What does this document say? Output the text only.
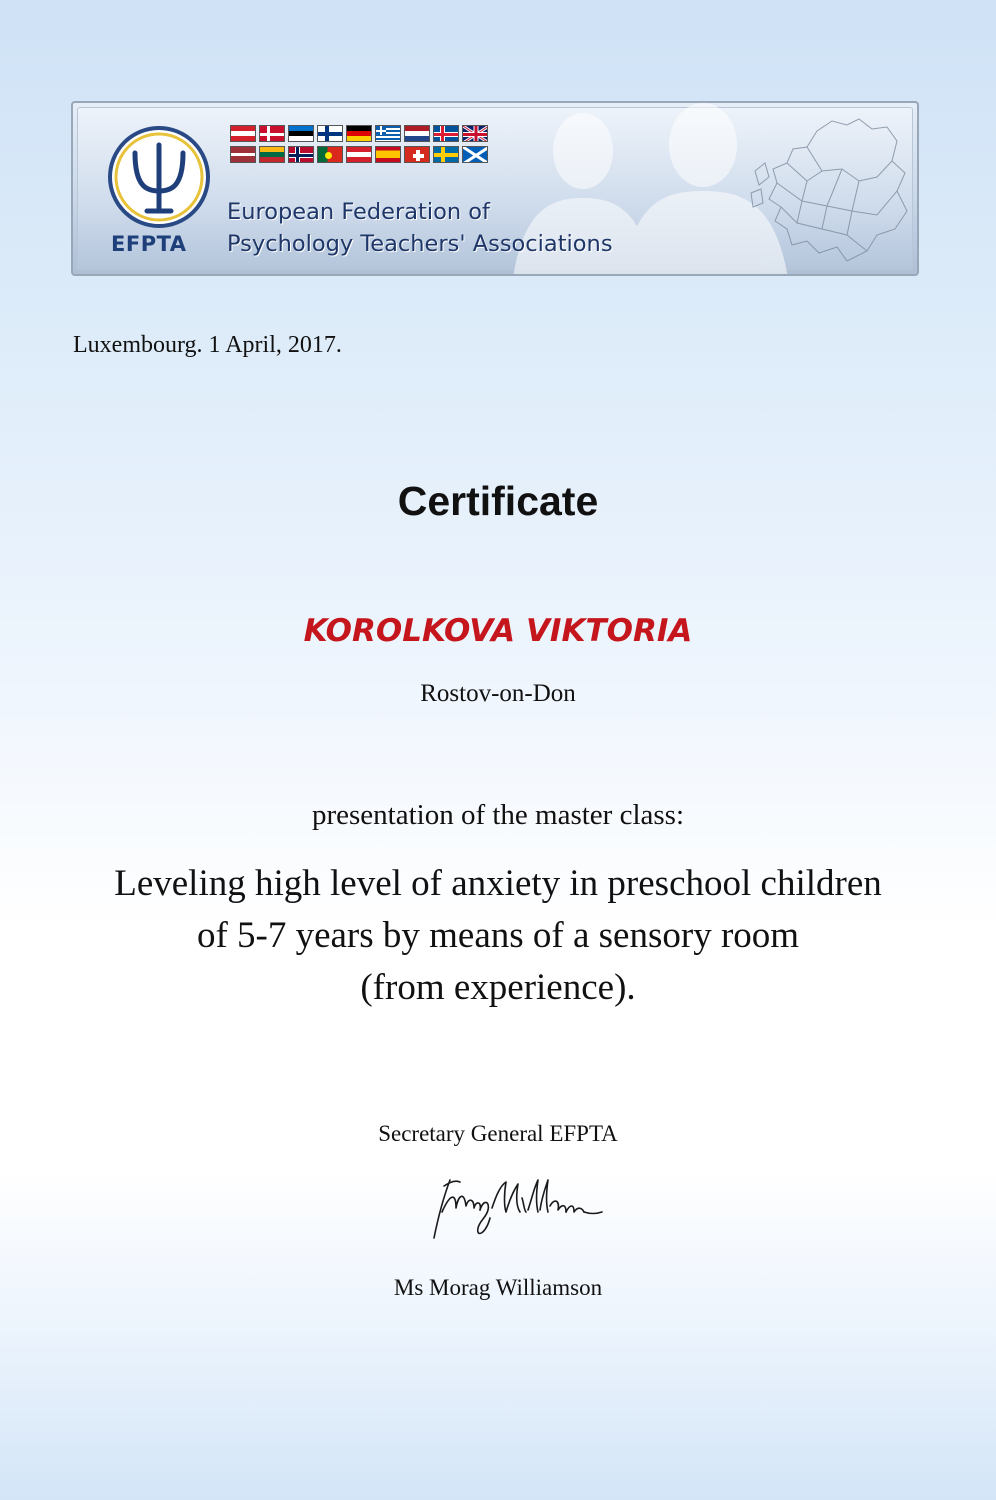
EFPTA
European Federation of
Psychology Teachers' Associations
Luxembourg. 1 April, 2017.
Certificate
KOROLKOVA VIKTORIA
Rostov-on-Don
presentation of the master class:
Leveling high level of anxiety in preschool children
of 5-7 years by means of a sensory room
(from experience).
Secretary General EFPTA
Ms Morag Williamson
